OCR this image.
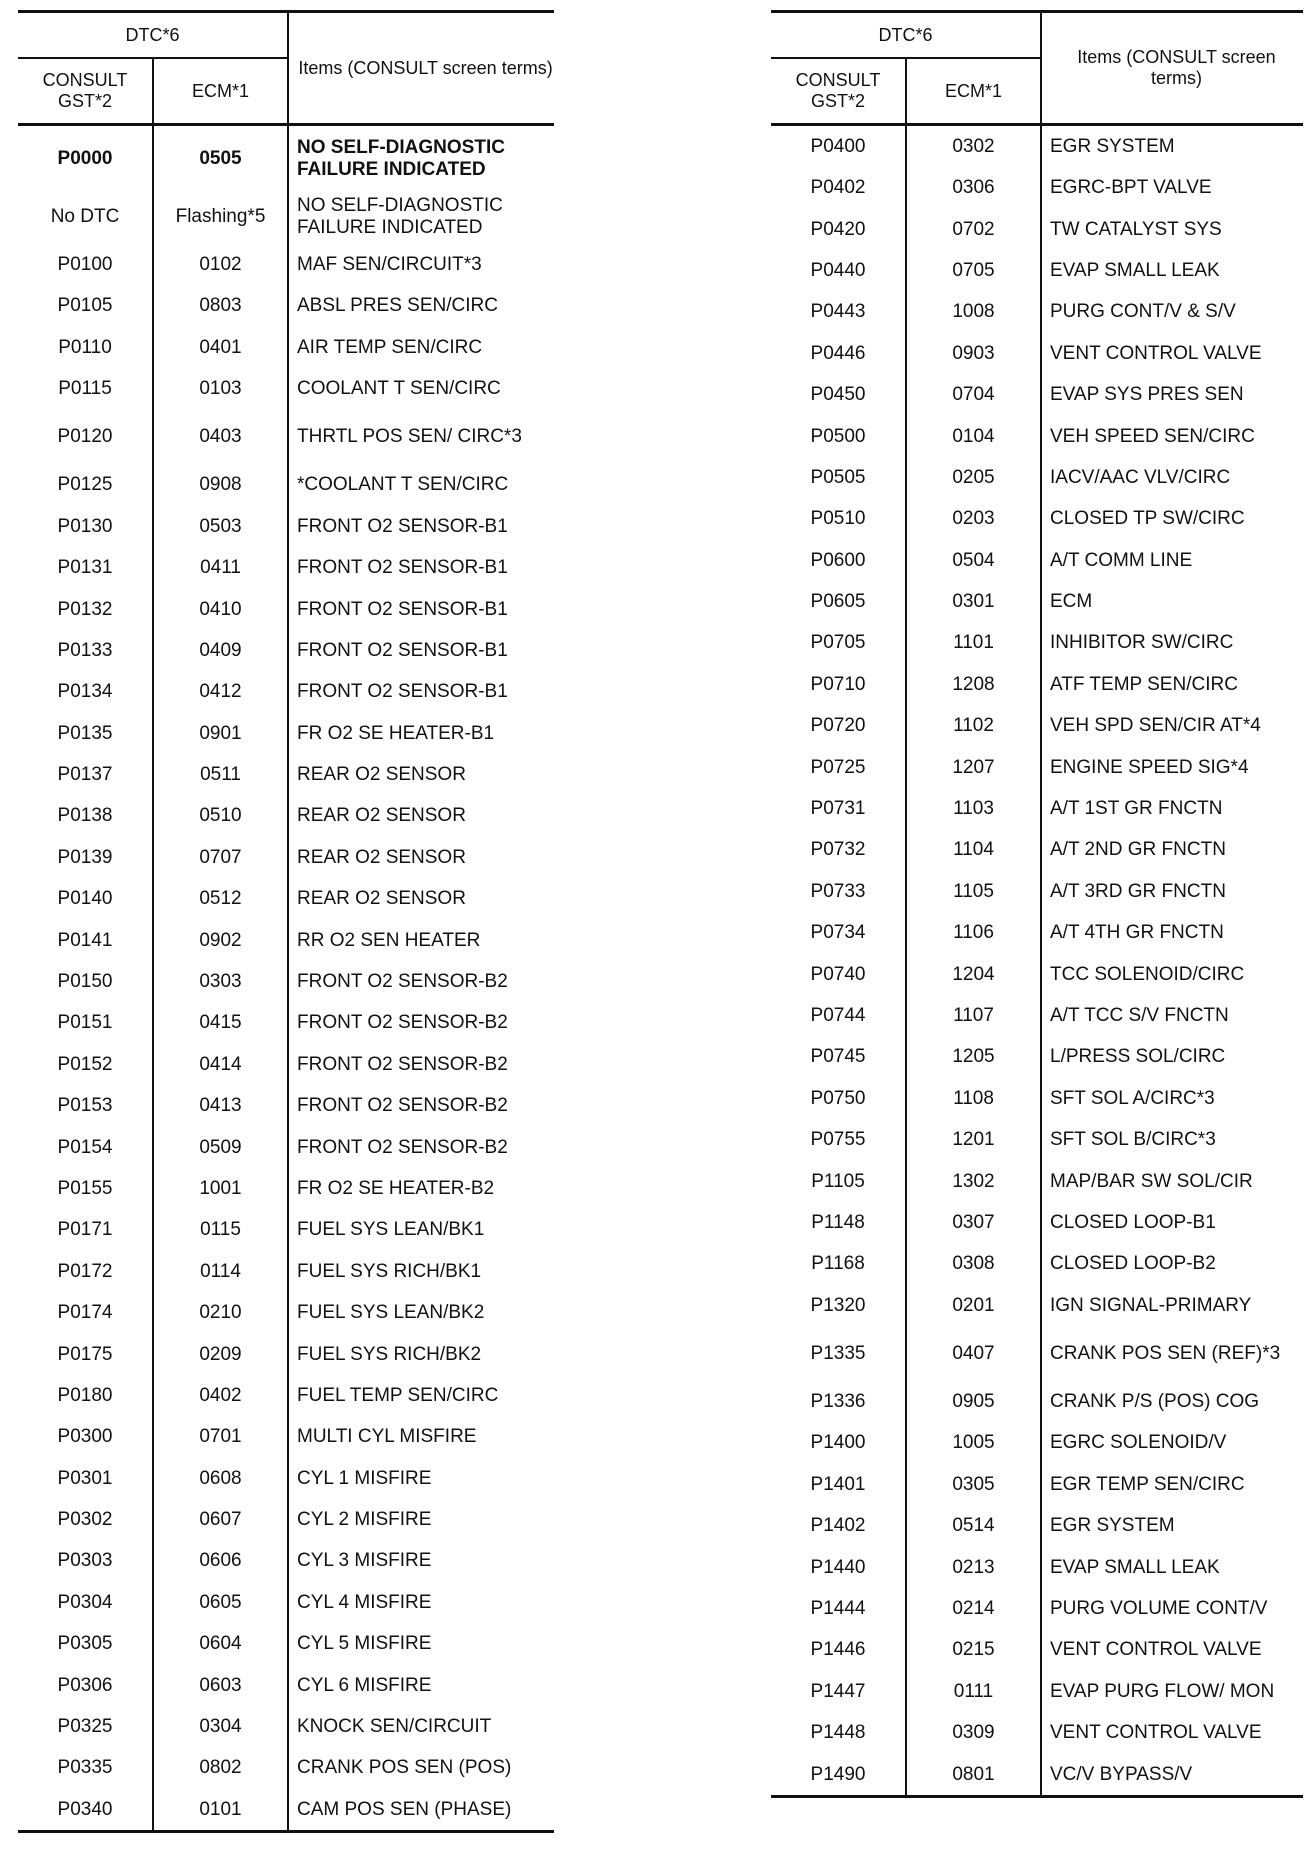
DTC*6		Items (CONSULT screen terms)
CONSULT GST*2	ECM*1	
P0000	0505	NO SELF-DIAGNOSTIC FAILURE INDICATED
No DTC	Flashing*5	NO SELF-DIAGNOSTIC FAILURE INDICATED
P0100	0102	MAF SEN/CIRCUIT*3
P0105	0803	ABSL PRES SEN/CIRC
P0110	0401	AIR TEMP SEN/CIRC
P0115	0103	COOLANT T SEN/CIRC
P0120	0403	THRTL POS SEN/ CIRC*3
P0125	0908	*COOLANT T SEN/CIRC
P0130	0503	FRONT O2 SENSOR-B1
P0131	0411	FRONT O2 SENSOR-B1
P0132	0410	FRONT O2 SENSOR-B1
P0133	0409	FRONT O2 SENSOR-B1
P0134	0412	FRONT O2 SENSOR-B1
P0135	0901	FR O2 SE HEATER-B1
P0137	0511	REAR O2 SENSOR
P0138	0510	REAR O2 SENSOR
P0139	0707	REAR O2 SENSOR
P0140	0512	REAR O2 SENSOR
P0141	0902	RR O2 SEN HEATER
P0150	0303	FRONT O2 SENSOR-B2
P0151	0415	FRONT O2 SENSOR-B2
P0152	0414	FRONT O2 SENSOR-B2
P0153	0413	FRONT O2 SENSOR-B2
P0154	0509	FRONT O2 SENSOR-B2
P0155	1001	FR O2 SE HEATER-B2
P0171	0115	FUEL SYS LEAN/BK1
P0172	0114	FUEL SYS RICH/BK1
P0174	0210	FUEL SYS LEAN/BK2
P0175	0209	FUEL SYS RICH/BK2
P0180	0402	FUEL TEMP SEN/CIRC
P0300	0701	MULTI CYL MISFIRE
P0301	0608	CYL 1 MISFIRE
P0302	0607	CYL 2 MISFIRE
P0303	0606	CYL 3 MISFIRE
P0304	0605	CYL 4 MISFIRE
P0305	0604	CYL 5 MISFIRE
P0306	0603	CYL 6 MISFIRE
P0325	0304	KNOCK SEN/CIRCUIT
P0335	0802	CRANK POS SEN (POS)
P0340	0101	CAM POS SEN (PHASE)
DTC*6		Items (CONSULT screen terms)
CONSULT GST*2	ECM*1	
P0400	0302	EGR SYSTEM
P0402	0306	EGRC-BPT VALVE
P0420	0702	TW CATALYST SYS
P0440	0705	EVAP SMALL LEAK
P0443	1008	PURG CONT/V & S/V
P0446	0903	VENT CONTROL VALVE
P0450	0704	EVAP SYS PRES SEN
P0500	0104	VEH SPEED SEN/CIRC
P0505	0205	IACV/AAC VLV/CIRC
P0510	0203	CLOSED TP SW/CIRC
P0600	0504	A/T COMM LINE
P0605	0301	ECM
P0705	1101	INHIBITOR SW/CIRC
P0710	1208	ATF TEMP SEN/CIRC
P0720	1102	VEH SPD SEN/CIR AT*4
P0725	1207	ENGINE SPEED SIG*4
P0731	1103	A/T 1ST GR FNCTN
P0732	1104	A/T 2ND GR FNCTN
P0733	1105	A/T 3RD GR FNCTN
P0734	1106	A/T 4TH GR FNCTN
P0740	1204	TCC SOLENOID/CIRC
P0744	1107	A/T TCC S/V FNCTN
P0745	1205	L/PRESS SOL/CIRC
P0750	1108	SFT SOL A/CIRC*3
P0755	1201	SFT SOL B/CIRC*3
P1105	1302	MAP/BAR SW SOL/CIR
P1148	0307	CLOSED LOOP-B1
P1168	0308	CLOSED LOOP-B2
P1320	0201	IGN SIGNAL-PRIMARY
P1335	0407	CRANK POS SEN (REF)*3
P1336	0905	CRANK P/S (POS) COG
P1400	1005	EGRC SOLENOID/V
P1401	0305	EGR TEMP SEN/CIRC
P1402	0514	EGR SYSTEM
P1440	0213	EVAP SMALL LEAK
P1444	0214	PURG VOLUME CONT/V
P1446	0215	VENT CONTROL VALVE
P1447	0111	EVAP PURG FLOW/ MON
P1448	0309	VENT CONTROL VALVE
P1490	0801	VC/V BYPASS/V
